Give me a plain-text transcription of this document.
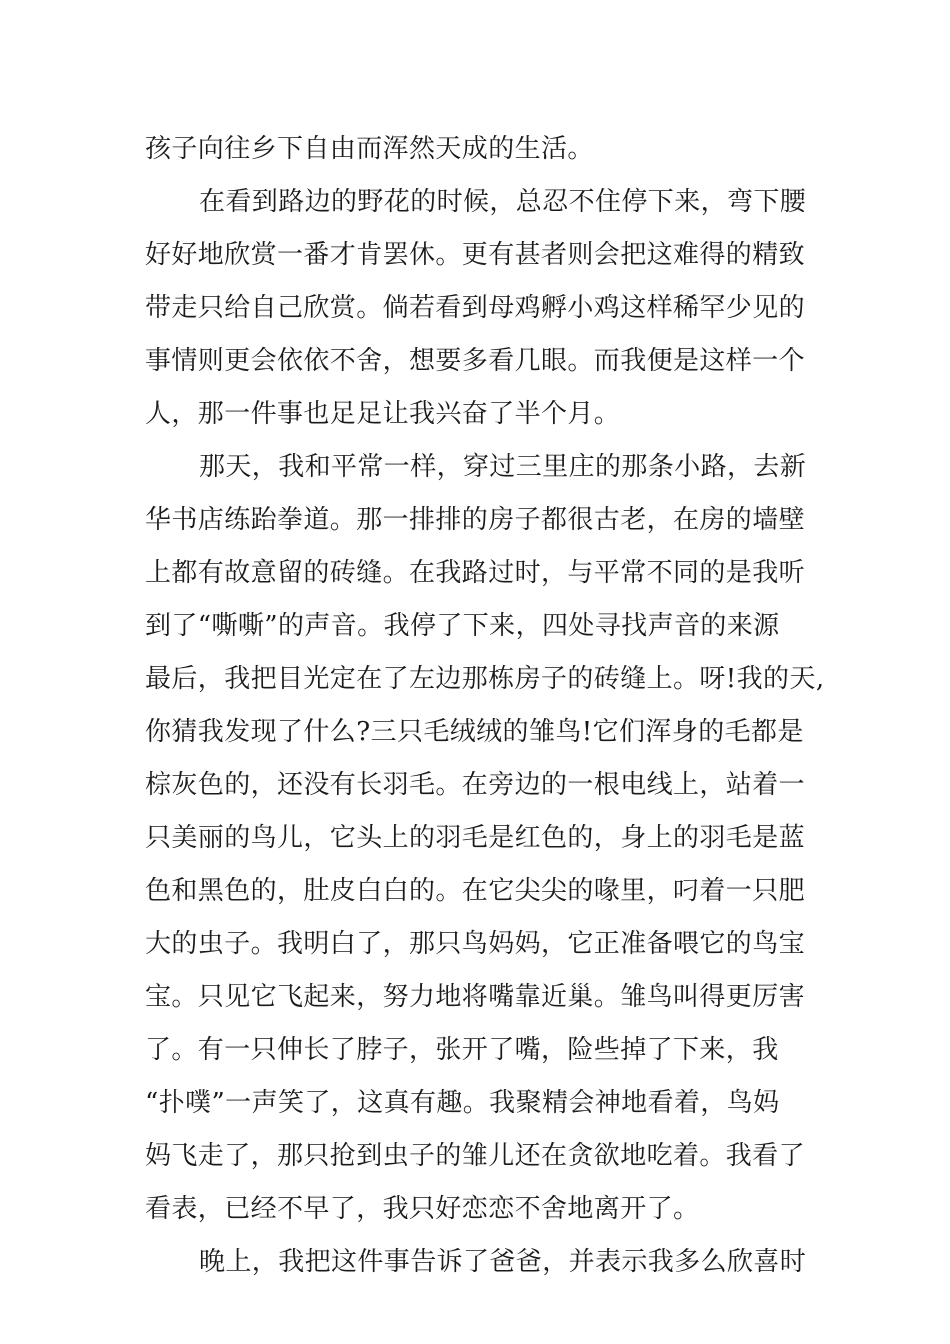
孩子向往乡下自由而浑然天成的生活。
在看到路边的野花的时候，总忍不住停下来，弯下腰
好好地欣赏一番才肯罢休。更有甚者则会把这难得的精致
带走只给自己欣赏。倘若看到母鸡孵小鸡这样稀罕少见的
事情则更会依依不舍，想要多看几眼。而我便是这样一个
人，那一件事也足足让我兴奋了半个月。
那天，我和平常一样，穿过三里庄的那条小路，去新
华书店练跆拳道。那一排排的房子都很古老，在房的墙壁
上都有故意留的砖缝。在我路过时，与平常不同的是我听
到了“嘶嘶”的声音。我停了下来，四处寻找声音的来源
最后，我把目光定在了左边那栋房子的砖缝上。呀!我的天,
你猜我发现了什么?三只毛绒绒的雏鸟!它们浑身的毛都是
棕灰色的，还没有长羽毛。在旁边的一根电线上，站着一
只美丽的鸟儿，它头上的羽毛是红色的，身上的羽毛是蓝
色和黑色的，肚皮白白的。在它尖尖的喙里，叼着一只肥
大的虫子。我明白了，那只鸟妈妈，它正准备喂它的鸟宝
宝。只见它飞起来，努力地将嘴靠近巢。雏鸟叫得更厉害
了。有一只伸长了脖子，张开了嘴，险些掉了下来，我
“扑噗”一声笑了，这真有趣。我聚精会神地看着，鸟妈
妈飞走了，那只抢到虫子的雏儿还在贪欲地吃着。我看了
看表，已经不早了，我只好恋恋不舍地离开了。
晚上，我把这件事告诉了爸爸，并表示我多么欣喜时
